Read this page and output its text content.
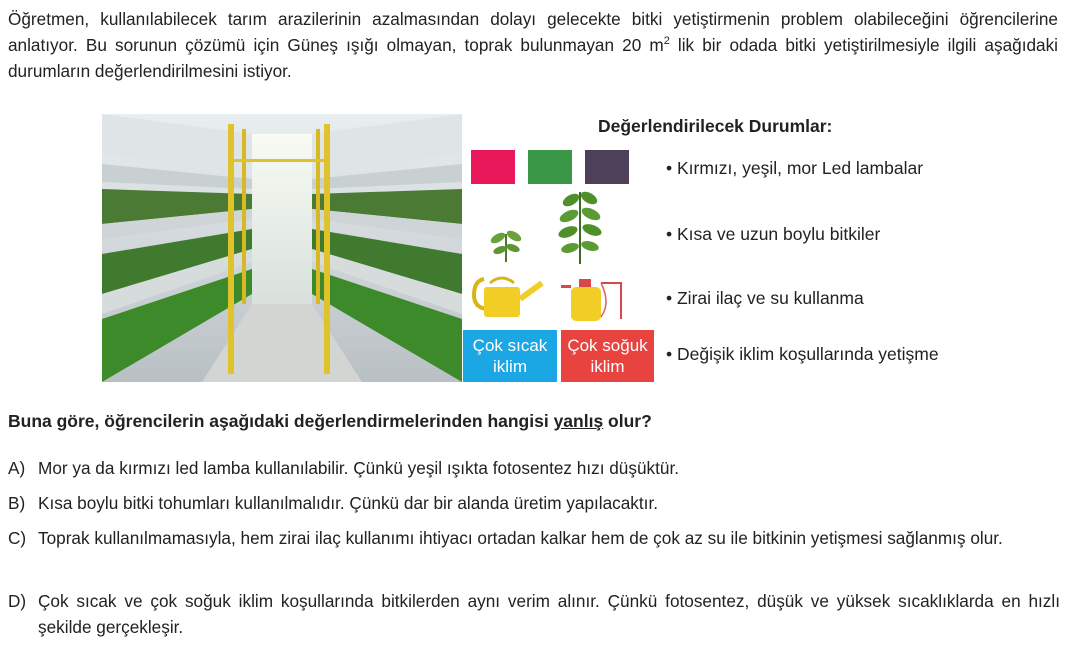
Öğretmen, kullanılabilecek tarım arazilerinin azalmasından dolayı gelecekte bitki yetiştirmenin problem olabileceğini öğrencilerine anlatıyor. Bu sorunun çözümü için Güneş ışığı olmayan, toprak bulunmayan 20 $m^2$ lik bir odada bitki yetiştirilmesiyle ilgili aşağıdaki durumların değerlendirilmesini istiyor.
Değerlendirilecek Durumlar:
• Kırmızı, yeşil, mor Led lambalar
• Kısa ve uzun boylu bitkiler
• Zirai ilaç ve su kullanma
• Değişik iklim koşullarında yetişme
Çok sıcak
iklim
Çok soğuk
iklim
Buna göre, öğrencilerin aşağıdaki değerlendirmelerinden hangisi yanlış olur?
A) Mor ya da kırmızı led lamba kullanılabilir. Çünkü yeşil ışıkta fotosentez hızı düşüktür.
B) Kısa boylu bitki tohumları kullanılmalıdır. Çünkü dar bir alanda üretim yapılacaktır.
C) Toprak kullanılmamasıyla, hem zirai ilaç kullanımı ihtiyacı ortadan kalkar hem de çok az su ile bitkinin yetişmesi sağlanmış olur.
D) Çok sıcak ve çok soğuk iklim koşullarında bitkilerden aynı verim alınır. Çünkü fotosentez, düşük ve yüksek sıcaklıklarda en hızlı şekilde gerçekleşir.
